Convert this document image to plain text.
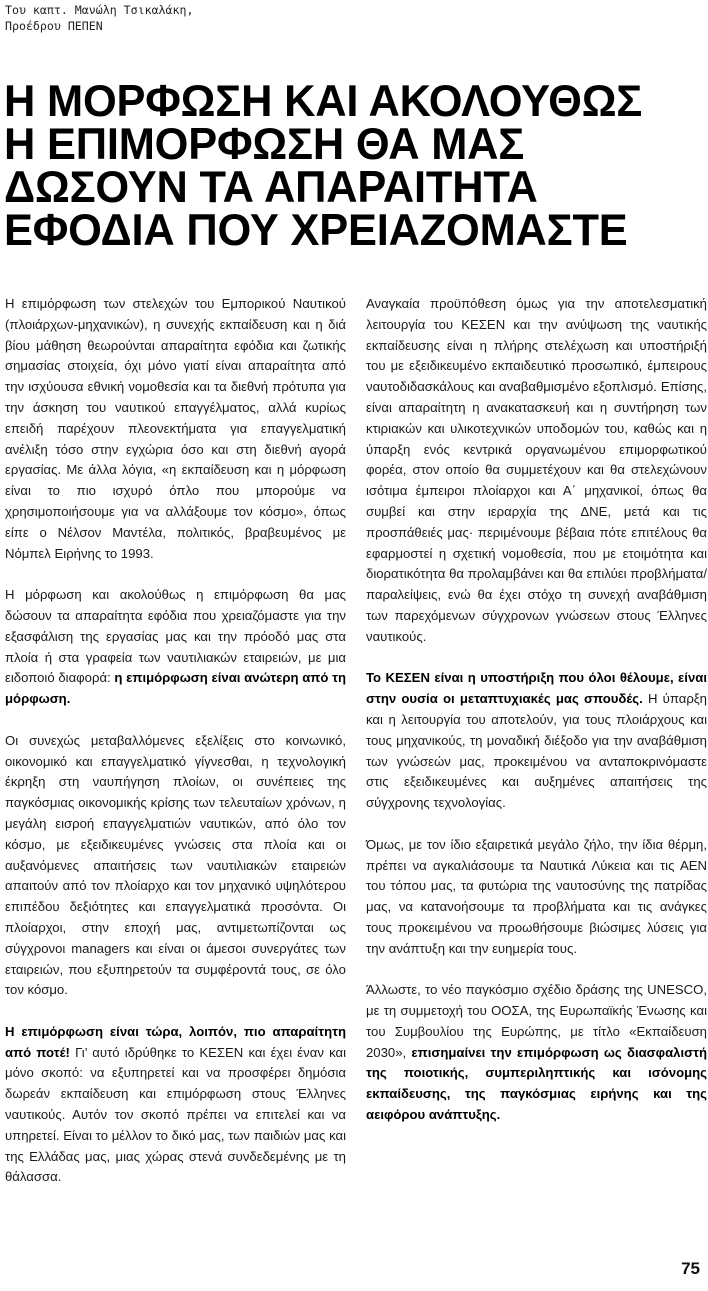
Του καπτ. Μανώλη Τσικαλάκη,
Προέδρου ΠΕΠΕΝ
Η ΜΟΡΦΩΣΗ ΚΑΙ ΑΚΟΛΟΥΘΩΣ
Η ΕΠΙΜΟΡΦΩΣΗ ΘΑ ΜΑΣ
ΔΩΣΟΥΝ ΤΑ ΑΠΑΡΑΙΤΗΤΑ
ΕΦΟΔΙΑ ΠΟΥ ΧΡΕΙΑΖΟΜΑΣΤΕ

Η επιμόρφωση των στελεχών του Εμπορικού Ναυτικού (πλοιάρχων-μηχανικών), η συνεχής εκπαίδευση και η διά βίου μάθηση θεωρούνται απαραίτητα εφόδια και ζωτικής σημασίας στοιχεία, όχι μόνο γιατί είναι απαραίτητα από την ισχύουσα εθνική νομοθεσία και τα διεθνή πρότυπα για την άσκηση του ναυτικού επαγγέλματος, αλλά κυρίως επειδή παρέχουν πλεονεκτήματα για επαγγελματική ανέλιξη τόσο στην εγχώρια όσο και στη διεθνή αγορά εργασίας. Με άλλα λόγια, «η εκπαίδευση και η μόρφωση είναι το πιο ισχυρό όπλο που μπορούμε να χρησιμοποιήσουμε για να αλλάξουμε τον κόσμο», όπως είπε ο Νέλσον Μαντέλα, πολιτικός, βραβευμένος με Νόμπελ Ειρήνης το 1993.

Η μόρφωση και ακολούθως η επιμόρφωση θα μας δώσουν τα απαραίτητα εφόδια που χρειαζόμαστε για την εξασφάλιση της εργασίας μας και την πρόοδό μας στα πλοία ή στα γραφεία των ναυτιλιακών εταιρειών, με μια ειδοποιό διαφορά: η επιμόρφωση είναι ανώτερη από τη μόρφωση.

Οι συνεχώς μεταβαλλόμενες εξελίξεις στο κοινωνικό, οικονομικό και επαγγελματικό γίγνεσθαι, η τεχνολογική έκρηξη στη ναυπήγηση πλοίων, οι συνέπειες της παγκόσμιας οικονομικής κρίσης των τελευταίων χρόνων, η μεγάλη εισροή επαγγελματιών ναυτικών, από όλο τον κόσμο, με εξειδικευμένες γνώσεις στα πλοία και οι αυξανόμενες απαιτήσεις των ναυτιλιακών εταιρειών απαιτούν από τον πλοίαρχο και τον μηχανικό υψηλότερου επιπέδου δεξιότητες και επαγγελματικά προσόντα. Οι πλοίαρχοι, στην εποχή μας, αντιμετωπίζονται ως σύγχρονοι managers και είναι οι άμεσοι συνεργάτες των εταιρειών, που εξυπηρετούν τα συμφέροντά τους, σε όλο τον κόσμο.

Η επιμόρφωση είναι τώρα, λοιπόν, πιο απαραίτητη από ποτέ! Γι’ αυτό ιδρύθηκε το ΚΕΣΕΝ και έχει έναν και μόνο σκοπό: να εξυπηρετεί και να προσφέρει δημόσια δωρεάν εκπαίδευση και επιμόρφωση στους Έλληνες ναυτικούς. Αυτόν τον σκοπό πρέπει να επιτελεί και να υπηρετεί. Είναι το μέλλον το δικό μας, των παιδιών μας και της Ελλάδας μας, μιας χώρας στενά συνδεδεμένης με τη θάλασσα.

Αναγκαία προϋπόθεση όμως για την αποτελεσματική λειτουργία του ΚΕΣΕΝ και την ανύψωση της ναυτικής εκπαίδευσης είναι η πλήρης στελέχωση και υποστήριξή του με εξειδικευμένο εκπαιδευτικό προσωπικό, έμπειρους ναυτοδιδασκάλους και αναβαθμισμένο εξοπλισμό. Επίσης, είναι απαραίτητη η ανακατασκευή και η συντήρηση των κτιριακών και υλικοτεχνικών υποδομών του, καθώς και η ύπαρξη ενός κεντρικά οργανωμένου επιμορφωτικού φορέα, στον οποίο θα συμμετέχουν και θα στελεχώνουν ισότιμα έμπειροι πλοίαρχοι και Α΄ μηχανικοί, όπως θα συμβεί και στην ιεραρχία της ΔΝΕ, μετά και τις προσπάθειές μας· περιμένουμε βέβαια πότε επιτέλους θα εφαρμοστεί η σχετική νομοθεσία, που με ετοιμότητα και διορατικότητα θα προλαμβάνει και θα επιλύει προβλήματα/παραλείψεις, ενώ θα έχει στόχο τη συνεχή αναβάθμιση των παρεχόμενων σύγχρονων γνώσεων στους Έλληνες ναυτικούς.

Το ΚΕΣΕΝ είναι η υποστήριξη που όλοι θέλουμε, είναι στην ουσία οι μεταπτυχιακές μας σπουδές. Η ύπαρξη και η λειτουργία του αποτελούν, για τους πλοιάρχους και τους μηχανικούς, τη μοναδική διέξοδο για την αναβάθμιση των γνώσεών μας, προκειμένου να ανταποκρινόμαστε στις εξειδικευμένες και αυξημένες απαιτήσεις της σύγχρονης τεχνολογίας.

Όμως, με τον ίδιο εξαιρετικά μεγάλο ζήλο, την ίδια θέρμη, πρέπει να αγκαλιάσουμε τα Ναυτικά Λύκεια και τις ΑΕΝ του τόπου μας, τα φυτώρια της ναυτοσύνης της πατρίδας μας, να κατανοήσουμε τα προβλήματα και τις ανάγκες τους προκειμένου να προωθήσουμε βιώσιμες λύσεις για την ανάπτυξη και την ευημερία τους.

Άλλωστε, το νέο παγκόσμιο σχέδιο δράσης της UNESCO, με τη συμμετοχή του ΟΟΣΑ, της Ευρωπαϊκής Ένωσης και του Συμβουλίου της Ευρώπης, με τίτλο «Εκπαίδευση 2030», επισημαίνει την επιμόρφωση ως διασφαλιστή της ποιοτικής, συμπεριληπτικής και ισόνομης εκπαίδευσης, της παγκόσμιας ειρήνης και της αειφόρου ανάπτυξης.

75
